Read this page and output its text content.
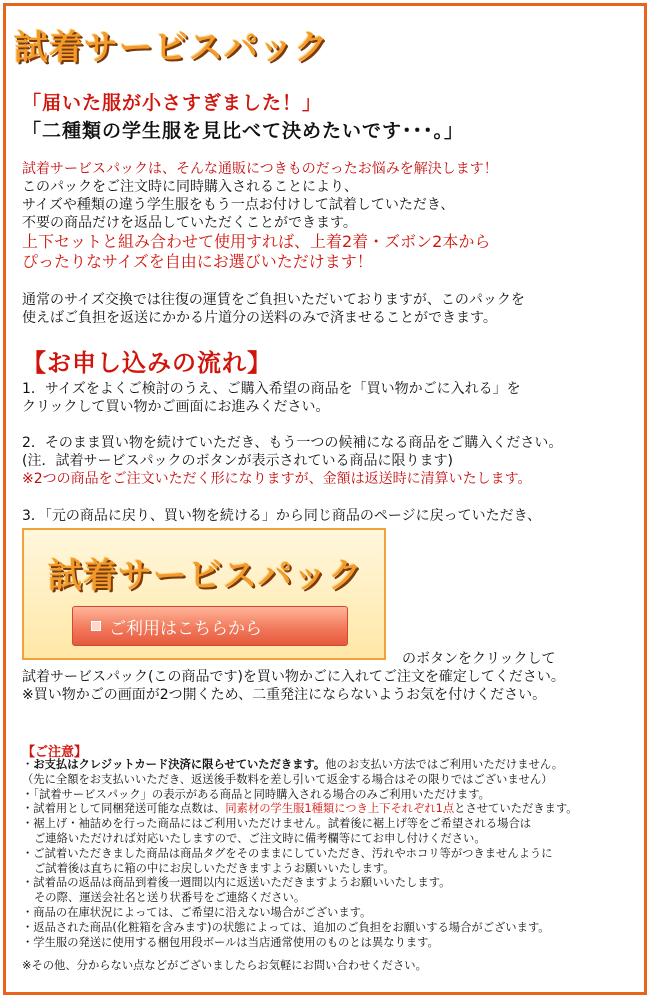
試着サービスパック
「届いた服が小さすぎました！」
「二種類の学生服を見比べて決めたいです･･･。」
試着サービスパックは、そんな通販につきものだったお悩みを解決します！
このパックをご注文時に同時購入されることにより、
サイズや種類の違う学生服をもう一点お付けして試着していただき、
不要の商品だけを返品していただくことができます。
上下セットと組み合わせて使用すれば、上着2着・ズボン2本から
ぴったりなサイズを自由にお選びいただけます！
通常のサイズ交換では往復の運賃をご負担いただいておりますが、このパックを
使えばご負担を返送にかかる片道分の送料のみで済ませることができます。
【お申し込みの流れ】
1．サイズをよくご検討のうえ、ご購入希望の商品を「買い物かごに入れる」を
クリックして買い物かご画面にお進みください。
2．そのまま買い物を続けていただき、もう一つの候補になる商品をご購入ください。
(注．試着サービスパックのボタンが表示されている商品に限ります)
※2つの商品をご注文いただく形になりますが、金額は返送時に清算いたします。
3．「元の商品に戻り、買い物を続ける」から同じ商品のページに戻っていただき、
試着サービスパック
ご利用はこちらから
のボタンをクリックして
試着サービスパック(この商品です)を買い物かごに入れてご注文を確定してください。
※買い物かごの画面が2つ開くため、二重発注にならないようお気を付けください。
【ご注意】
・お支払はクレジットカード決済に限らせていただきます。他のお支払い方法ではご利用いただけません。
（先に全額をお支払いいただき、返送後手数料を差し引いて返金する場合はその限りではございません）
・「試着サービスパック」の表示がある商品と同時購入される場合のみご利用いただけます。
・試着用として同梱発送可能な点数は、同素材の学生服1種類につき上下それぞれ1点とさせていただきます。
・裾上げ・袖詰めを行った商品にはご利用いただけません。試着後に裾上げ等をご希望される場合は
ご連絡いただければ対応いたしますので、ご注文時に備考欄等にてお申し付けください。
・ご試着いただきました商品は商品タグをそのままにしていただき、汚れやホコリ等がつきませんように
ご試着後は直ちに箱の中にお戻しいただきますようお願いいたします。
・試着品の返品は商品到着後一週間以内に返送いただきますようお願いいたします。
その際、運送会社名と送り状番号をご連絡ください。
・商品の在庫状況によっては、ご希望に沿えない場合がございます。
・返品された商品(化粧箱を含みます)の状態によっては、追加のご負担をお願いする場合がございます。
・学生服の発送に使用する梱包用段ボールは当店通常使用のものとは異なります。
※その他、分からない点などがございましたらお気軽にお問い合わせください。
